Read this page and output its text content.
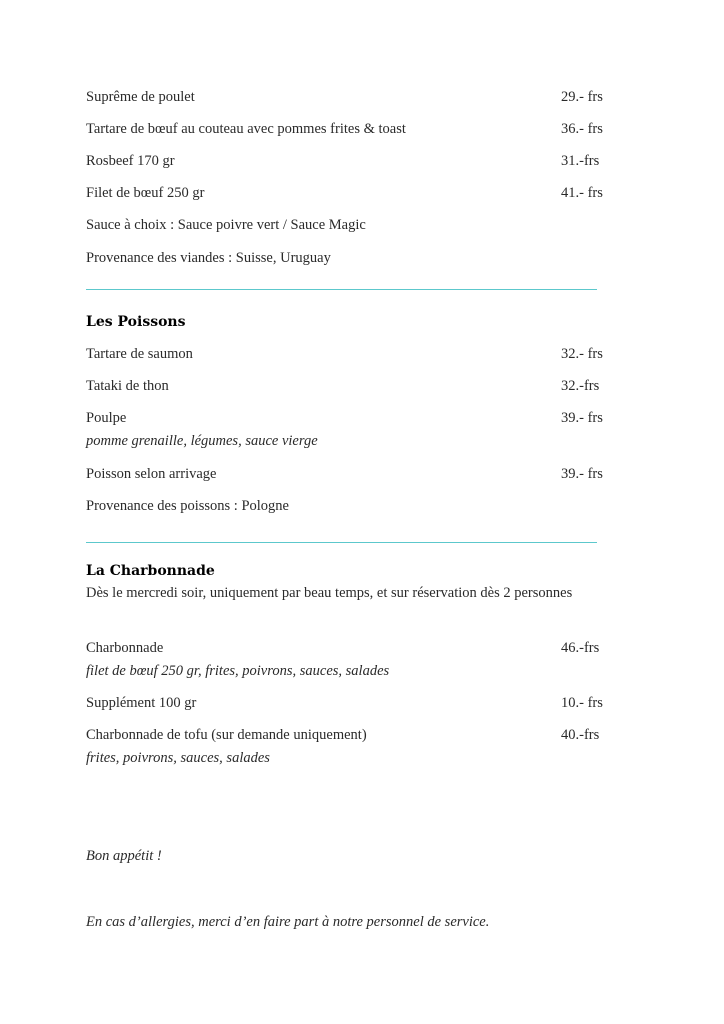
Suprême de poulet	29.- frs
Tartare de bœuf au couteau avec pommes frites & toast	36.- frs
Rosbeef 170 gr	31.-frs
Filet de bœuf 250 gr	41.- frs
Sauce à choix : Sauce poivre vert / Sauce Magic
Provenance des viandes : Suisse, Uruguay
Les Poissons
Tartare de saumon	32.- frs
Tataki de thon	32.-frs
Poulpe	39.- frs
pomme grenaille, légumes, sauce vierge
Poisson selon arrivage	39.- frs
Provenance des poissons : Pologne
La Charbonnade
Dès le mercredi soir, uniquement par beau temps, et sur réservation dès 2 personnes
Charbonnade	46.-frs
filet de bœuf 250 gr, frites, poivrons, sauces, salades
Supplément 100 gr	10.- frs
Charbonnade de tofu (sur demande uniquement)	40.-frs
frites, poivrons, sauces, salades
Bon appétit !
En cas d’allergies, merci d’en faire part à notre personnel de service.
